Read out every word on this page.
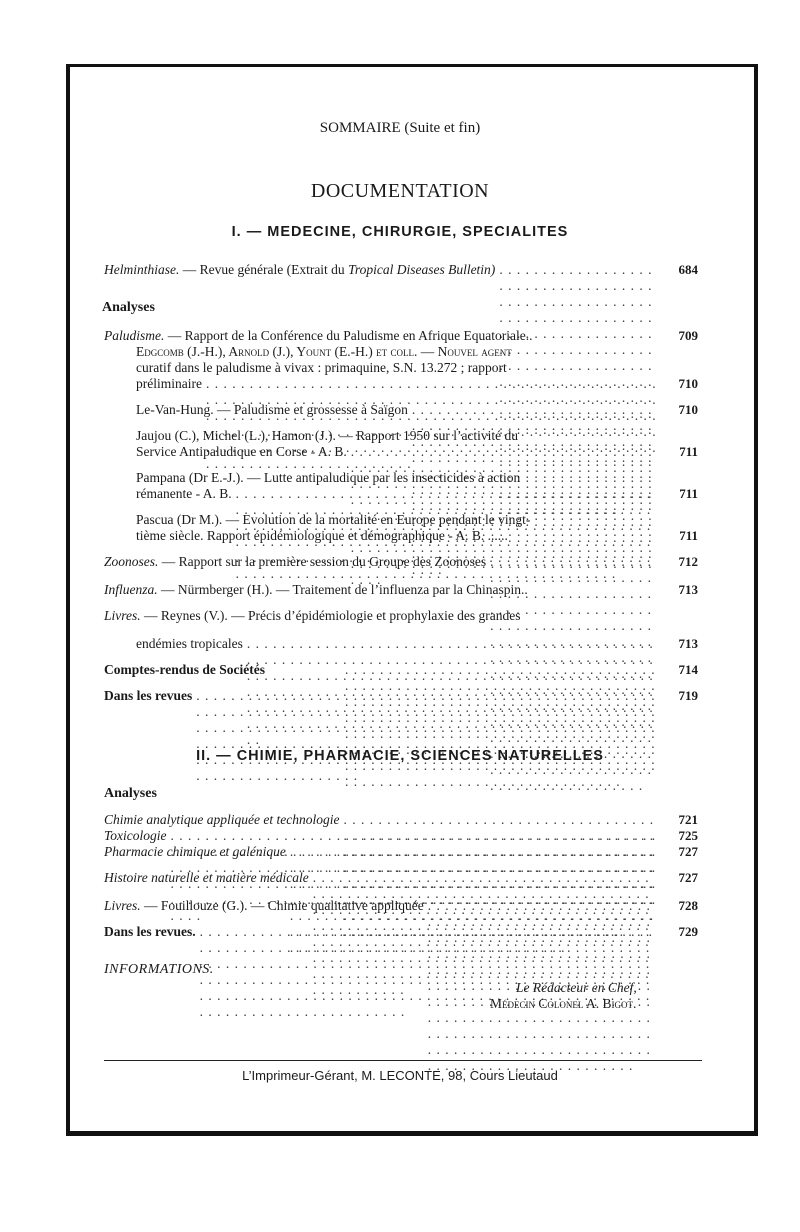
SOMMAIRE (Suite et fin)
DOCUMENTATION
I. — MEDECINE, CHIRURGIE, SPECIALITES
Helminthiase. — Revue générale (Extrait du Tropical Diseases Bulletin) . . .	684
Analyses
Paludisme. — Rapport de la Conférence du Paludisme en Afrique Equatoriale..	709
Edgcomb (J.-H.), Arnold (J.), Yount (E.-H.) et coll. — Nouvel agent
curatif dans le paludisme à vivax : primaquine, S.N. 13.272 ; rapport
préliminaire . . .	710
Le-Van-Hung. — Paludisme et grossesse à Saïgon . . .	710
Jaujou (C.), Michel (L.), Hamon (J.). — Rapport 1950 sur l’activité du
Service Antipaludique en Corse - A. B. . . .	711
Pampana (Dr E.-J.). — Lutte antipaludique par les insecticides à action
rémanente - A. B. . . .	711
Pascua (Dr M.). — Evolution de la mortalité en Europe pendant le vingt-
tième siècle. Rapport épidémiologique et démographique - A. B. ......	711
Zoonoses. — Rapport sur la première session du Groupe des Zoonoses . . .	712
Influenza. — Nürmberger (H.). — Traitement de l’influenza par la Chinaspin..	713
Livres. — Reynes (V.). — Précis d’épidémiologie et prophylaxie des grandes
endémies tropicales . . .	713
Comptes-rendus de Sociétés . . .	714
Dans les revues . . .	719
II. — CHIMIE, PHARMACIE, SCIENCES NATURELLES
Analyses
Chimie analytique appliquée et technologie . . .	721
Toxicologie . . .	725
Pharmacie chimique et galénique . . .	727
Histoire naturelle et matière médicale . . .	727
Livres. — Fouillouze (G.). — Chimie qualitative appliquée . . .	728
Dans les revues. . . .	729
INFORMATIONS.
Le Rédacteur en Chef,
Médecin Colonel A. Bigot.
L’Imprimeur-Gérant, M. LECONTE, 98, Cours Lieutaud
